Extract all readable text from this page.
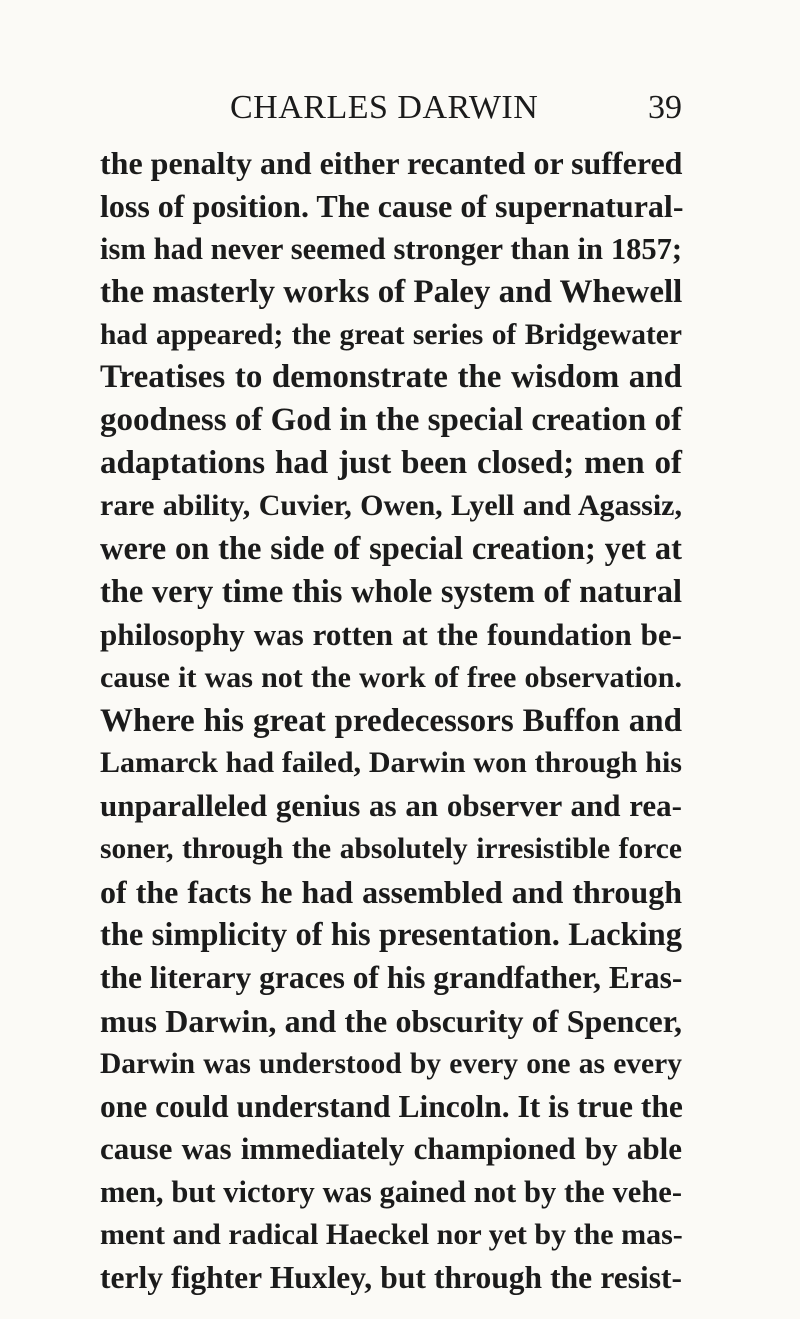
CHARLES DARWIN	39
the penalty and either recanted or suffered
loss of position. The cause of supernatural-
ism had never seemed stronger than in 1857;
the masterly works of Paley and Whewell
had appeared; the great series of Bridgewater
Treatises to demonstrate the wisdom and
goodness of God in the special creation of
adaptations had just been closed; men of
rare ability, Cuvier, Owen, Lyell and Agassiz,
were on the side of special creation; yet at
the very time this whole system of natural
philosophy was rotten at the foundation be-
cause it was not the work of free observation.
Where his great predecessors Buffon and
Lamarck had failed, Darwin won through his
unparalleled genius as an observer and rea-
soner, through the absolutely irresistible force
of the facts he had assembled and through
the simplicity of his presentation. Lacking
the literary graces of his grandfather, Eras-
mus Darwin, and the obscurity of Spencer,
Darwin was understood by every one as every
one could understand Lincoln. It is true the
cause was immediately championed by able
men, but victory was gained not by the vehe-
ment and radical Haeckel nor yet by the mas-
terly fighter Huxley, but through the resist-
